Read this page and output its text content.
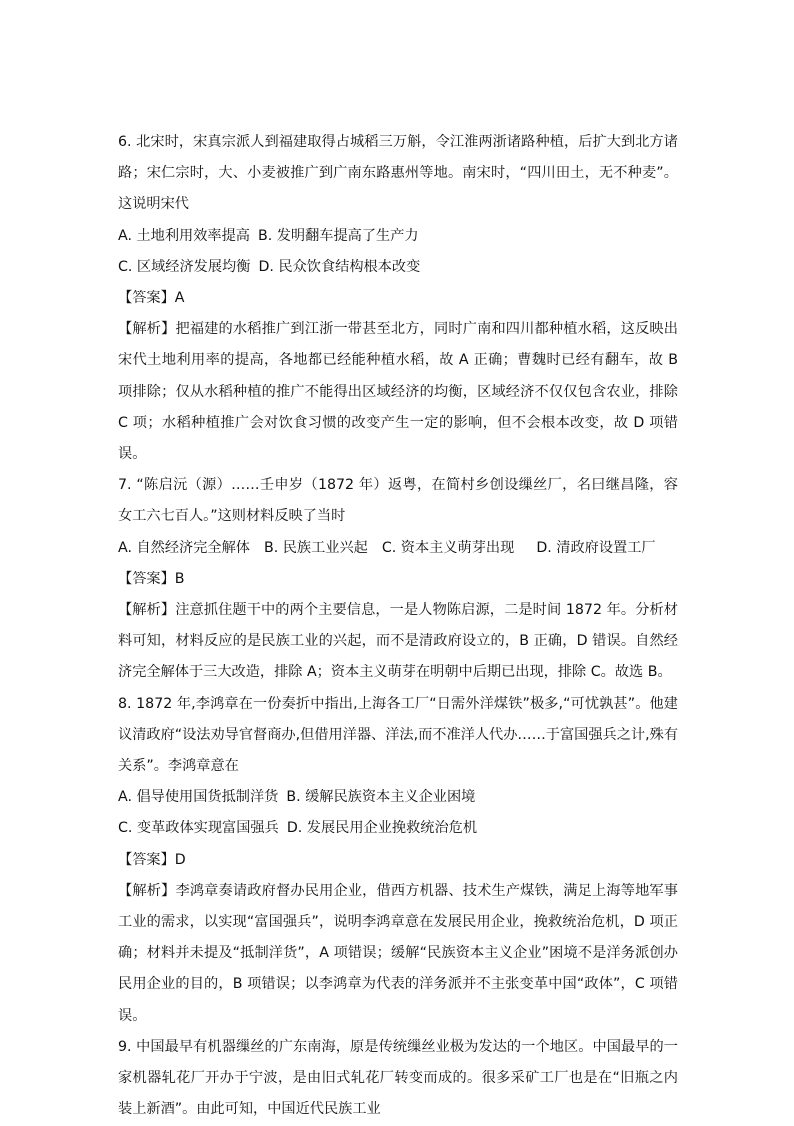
6. 北宋时，宋真宗派人到福建取得占城稻三万斛，令江淮两浙诸路种植，后扩大到北方诸路；宋仁宗时，大、小麦被推广到广南东路惠州等地。南宋时，“四川田土，无不种麦”。这说明宋代

A. 土地利用效率提高 B. 发明翻车提高了生产力

C. 区域经济发展均衡 D. 民众饮食结构根本改变

【答案】A

【解析】把福建的水稻推广到江浙一带甚至北方，同时广南和四川都种植水稻，这反映出宋代土地利用率的提高，各地都已经能种植水稻，故 A 正确；曹魏时已经有翻车，故 B 项排除；仅从水稻种植的推广不能得出区域经济的均衡，区域经济不仅仅包含农业，排除 C 项；水稻种植推广会对饮食习惯的改变产生一定的影响，但不会根本改变，故 D 项错误。

7. “陈启沅（源）……壬申岁（1872 年）返粤，在简村乡创设缫丝厂，名曰继昌隆，容女工六七百人。”这则材料反映了当时

A. 自然经济完全解体 B. 民族工业兴起 C. 资本主义萌芽出现 D. 清政府设置工厂

【答案】B

【解析】注意抓住题干中的两个主要信息，一是人物陈启源，二是时间 1872 年。分析材料可知，材料反应的是民族工业的兴起，而不是清政府设立的，B 正确，D 错误。自然经济完全解体于三大改造，排除 A；资本主义萌芽在明朝中后期已出现，排除 C。故选 B。

8. 1872 年,李鸿章在一份奏折中指出,上海各工厂“日需外洋煤铁”极多,“可忧孰甚”。他建议清政府“设法劝导官督商办,但借用洋器、洋法,而不准洋人代办……于富国强兵之计,殊有关系”。李鸿章意在

A. 倡导使用国货抵制洋货 B. 缓解民族资本主义企业困境

C. 变革政体实现富国强兵 D. 发展民用企业挽救统治危机

【答案】D

【解析】李鸿章奏请政府督办民用企业，借西方机器、技术生产煤铁，满足上海等地军事工业的需求，以实现“富国强兵”，说明李鸿章意在发展民用企业，挽救统治危机，D 项正确；材料并未提及“抵制洋货”，A 项错误；缓解“民族资本主义企业”困境不是洋务派创办民用企业的目的，B 项错误；以李鸿章为代表的洋务派并不主张变革中国“政体”，C 项错误。

9. 中国最早有机器缫丝的广东南海，原是传统缫丝业极为发达的一个地区。中国最早的一家机器轧花厂开办于宁波，是由旧式轧花厂转变而成的。很多采矿工厂也是在“旧瓶之内装上新酒”。由此可知，中国近代民族工业
